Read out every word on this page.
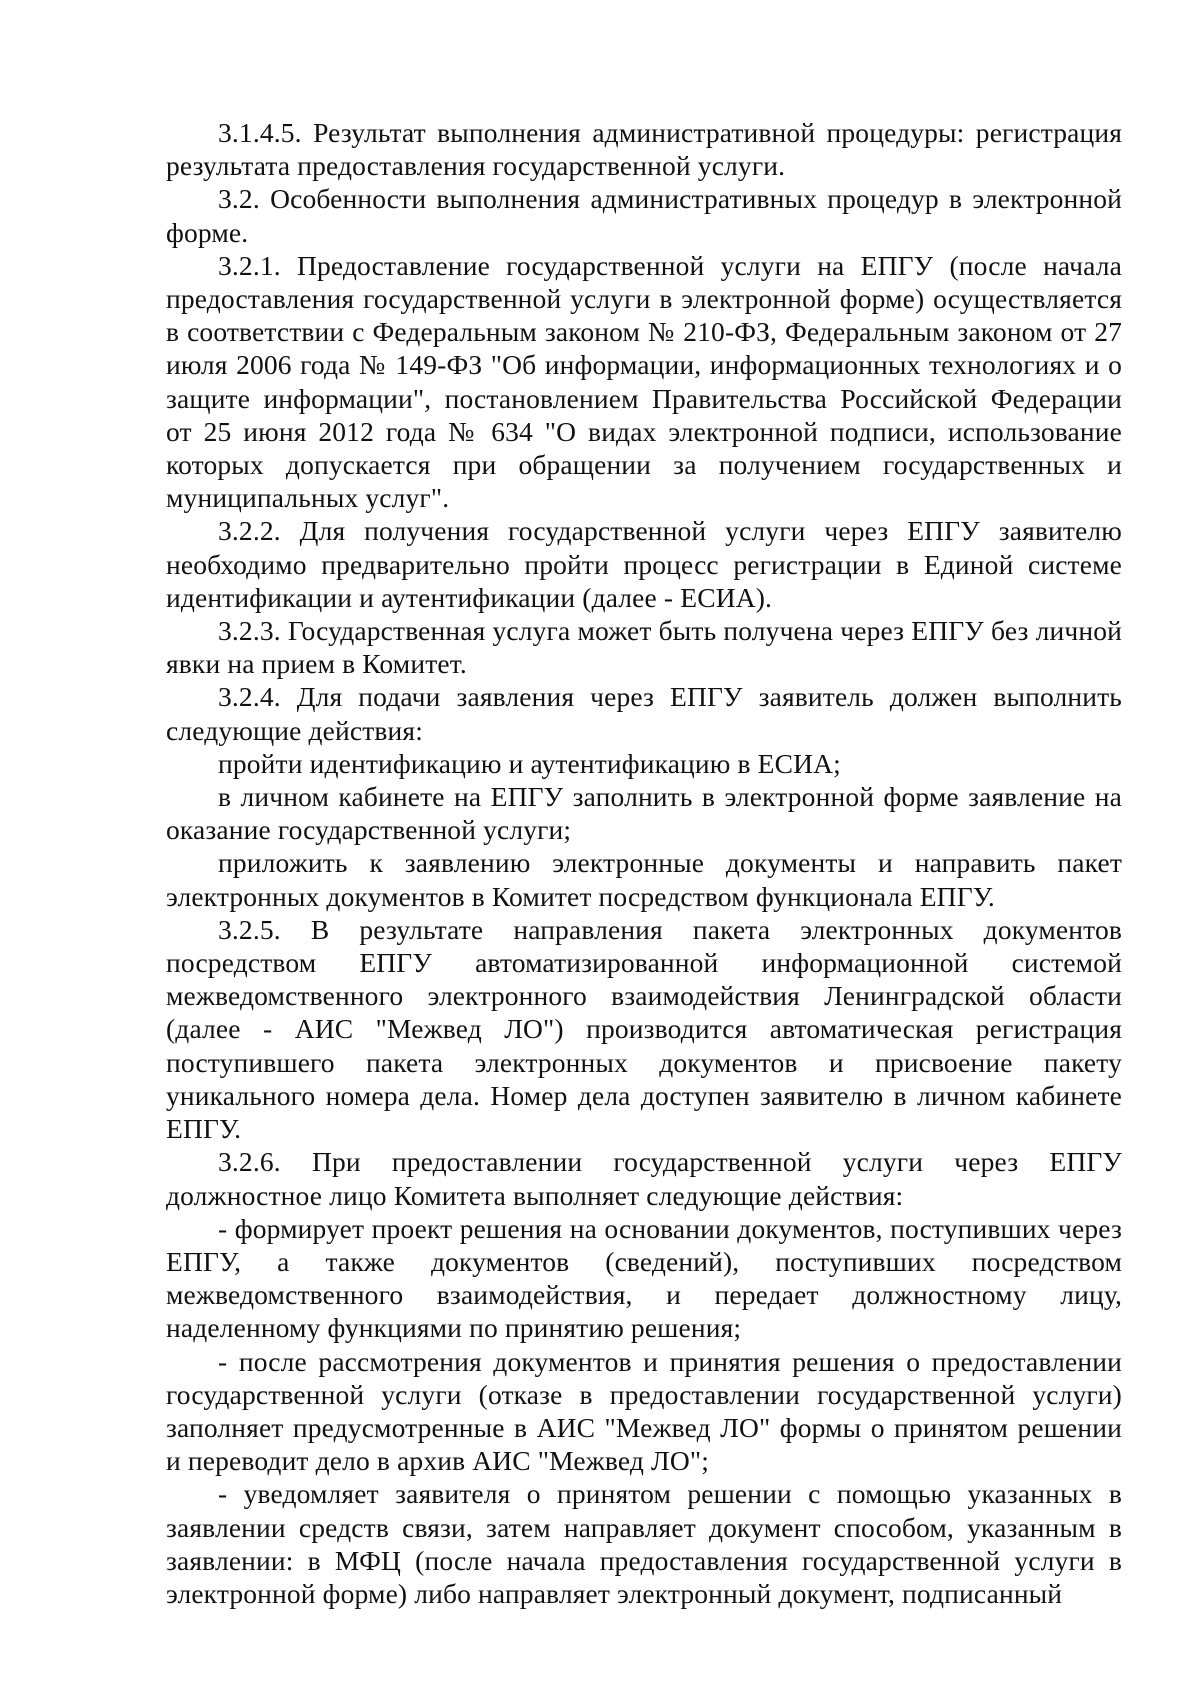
3.1.4.5. Результат выполнения административной процедуры: регистрация результата предоставления государственной услуги.

3.2. Особенности выполнения административных процедур в электронной форме.

3.2.1. Предоставление государственной услуги на ЕПГУ (после начала предоставления государственной услуги в электронной форме) осуществляется в соответствии с Федеральным законом № 210-ФЗ, Федеральным законом от 27 июля 2006 года № 149-ФЗ "Об информации, информационных технологиях и о защите информации", постановлением Правительства Российской Федерации от 25 июня 2012 года № 634 "О видах электронной подписи, использование которых допускается при обращении за получением государственных и муниципальных услуг".

3.2.2. Для получения государственной услуги через ЕПГУ заявителю необходимо предварительно пройти процесс регистрации в Единой системе идентификации и аутентификации (далее - ЕСИА).

3.2.3. Государственная услуга может быть получена через ЕПГУ без личной явки на прием в Комитет.

3.2.4. Для подачи заявления через ЕПГУ заявитель должен выполнить следующие действия:

пройти идентификацию и аутентификацию в ЕСИА;

в личном кабинете на ЕПГУ заполнить в электронной форме заявление на оказание государственной услуги;

приложить к заявлению электронные документы и направить пакет электронных документов в Комитет посредством функционала ЕПГУ.

3.2.5. В результате направления пакета электронных документов посредством ЕПГУ автоматизированной информационной системой межведомственного электронного взаимодействия Ленинградской области (далее - АИС "Межвед ЛО") производится автоматическая регистрация поступившего пакета электронных документов и присвоение пакету уникального номера дела. Номер дела доступен заявителю в личном кабинете ЕПГУ.

3.2.6. При предоставлении государственной услуги через ЕПГУ должностное лицо Комитета выполняет следующие действия:

- формирует проект решения на основании документов, поступивших через ЕПГУ, а также документов (сведений), поступивших посредством межведомственного взаимодействия, и передает должностному лицу, наделенному функциями по принятию решения;

- после рассмотрения документов и принятия решения о предоставлении государственной услуги (отказе в предоставлении государственной услуги) заполняет предусмотренные в АИС "Межвед ЛО" формы о принятом решении и переводит дело в архив АИС "Межвед ЛО";

- уведомляет заявителя о принятом решении с помощью указанных в заявлении средств связи, затем направляет документ способом, указанным в заявлении: в МФЦ (после начала предоставления государственной услуги в электронной форме) либо направляет электронный документ, подписанный
